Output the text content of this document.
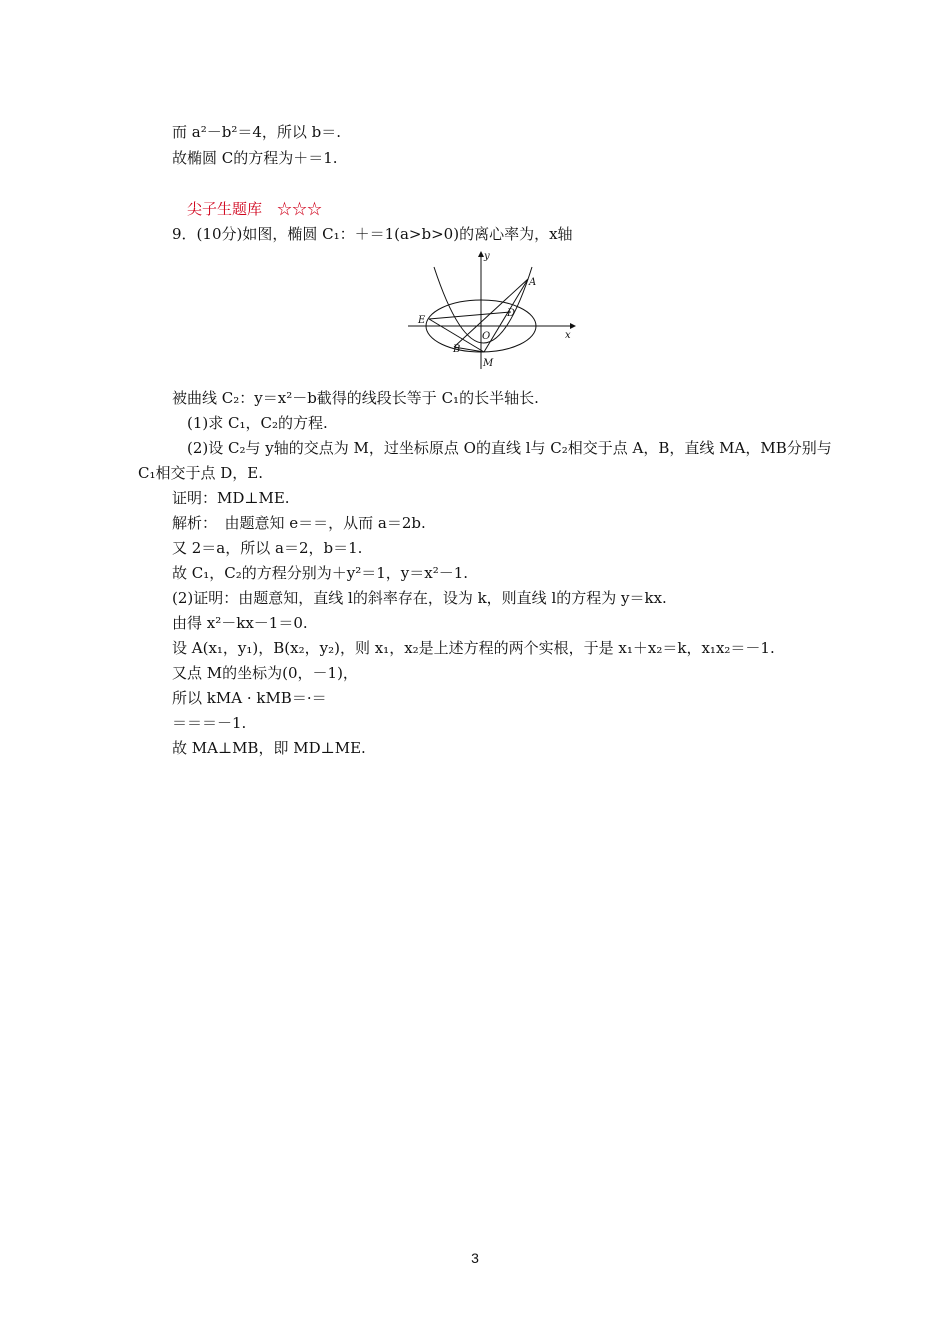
而 a²－b²＝4，所以 b＝.
故椭圆 C的方程为＋＝1.
尖子生题库　☆☆☆
9．(10分)如图，椭圆 C₁：＋＝1(a>b>0)的离心率为，x轴
y
x
A
D
E
O
B
M
被曲线 C₂：y＝x²－b截得的线段长等于 C₁的长半轴长.
(1)求 C₁，C₂的方程.
(2)设 C₂与 y轴的交点为 M，过坐标原点 O的直线 l与 C₂相交于点 A，B，直线 MA，MB分别与
C₁相交于点 D，E.
证明：MD⊥ME.
解析：　由题意知 e＝＝，从而 a＝2b.
又 2＝a，所以 a＝2，b＝1.
故 C₁，C₂的方程分别为＋y²＝1，y＝x²－1.
(2)证明：由题意知，直线 l的斜率存在，设为 k，则直线 l的方程为 y＝kx.
由得 x²－kx－1＝0.
设 A(x₁，y₁)，B(x₂，y₂)，则 x₁，x₂是上述方程的两个实根，于是 x₁＋x₂＝k，x₁x₂＝－1.
又点 M的坐标为(0，－1)，
所以 kMA · kMB＝·＝
＝＝＝－1.
故 MA⊥MB，即 MD⊥ME.
3
